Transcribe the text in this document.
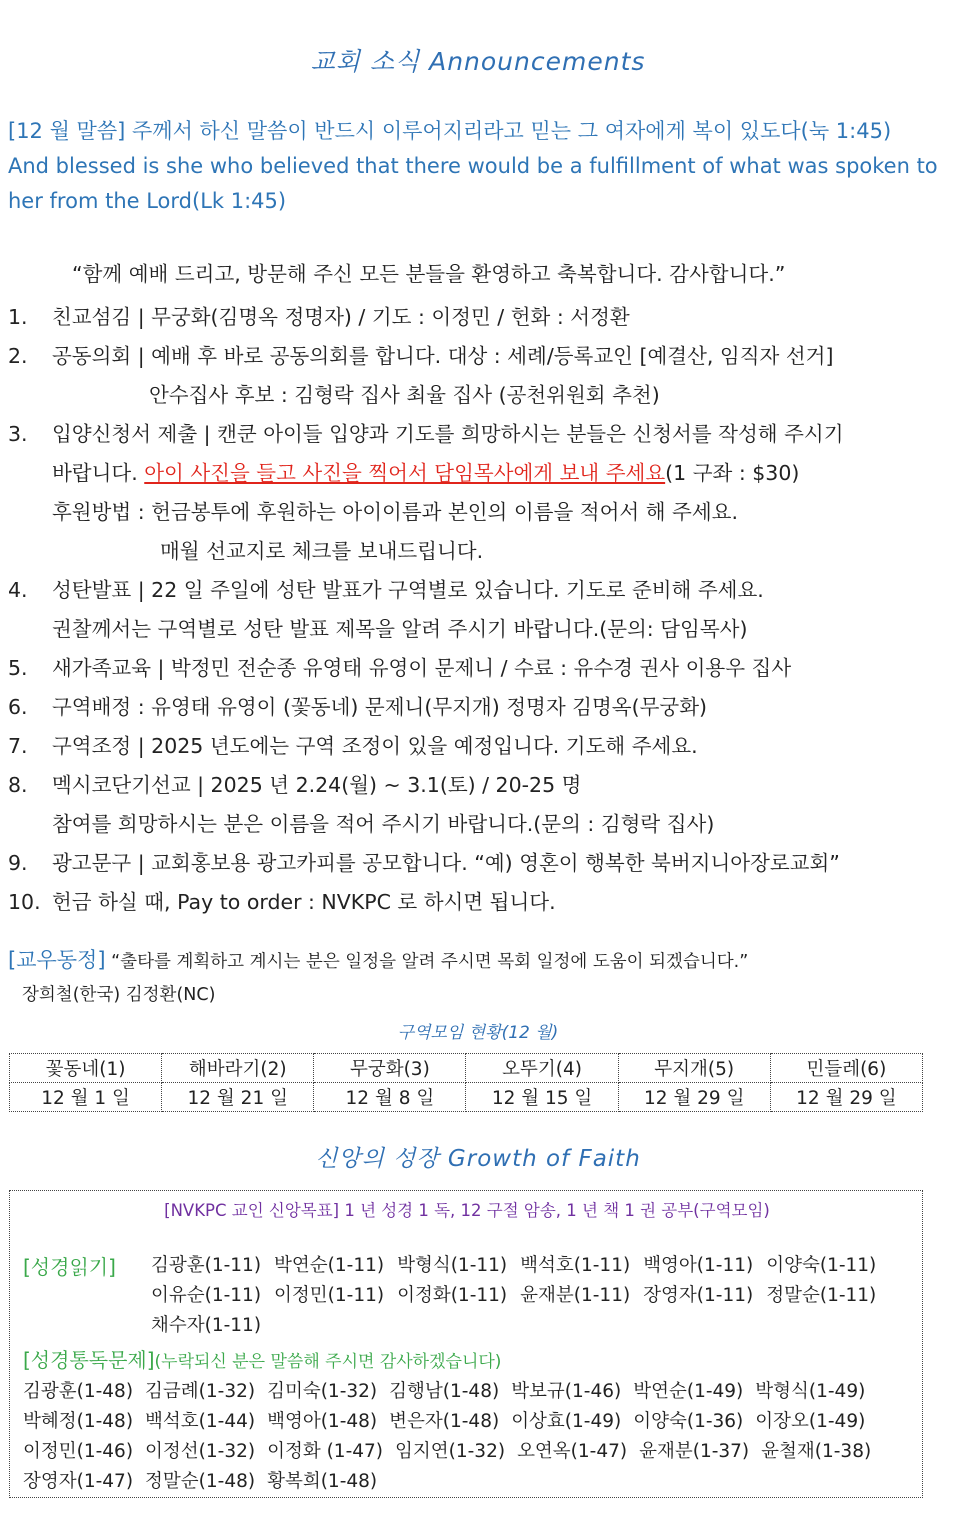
교회 소식 Announcements
[12 월 말씀] 주께서 하신 말씀이 반드시 이루어지리라고 믿는 그 여자에게 복이 있도다(눅 1:45)
And blessed is she who believed that there would be a fulfillment of what was spoken to her from the Lord(Lk 1:45)
“함께 예배 드리고, 방문해 주신 모든 분들을 환영하고 축복합니다. 감사합니다.”
1. 친교섬김 | 무궁화(김명옥 정명자) / 기도 : 이정민 / 헌화 : 서정환
2. 공동의회 | 예배 후 바로 공동의회를 합니다. 대상 : 세례/등록교인 [예결산, 임직자 선거]
안수집사 후보 : 김형락 집사 최율 집사 (공천위원회 추천)
3. 입양신청서 제출 | 캔쿤 아이들 입양과 기도를 희망하시는 분들은 신청서를 작성해 주시기
바랍니다. 아이 사진을 들고 사진을 찍어서 담임목사에게 보내 주세요(1 구좌 : $30)
후원방법 : 헌금봉투에 후원하는 아이이름과 본인의 이름을 적어서 해 주세요.
매월 선교지로 체크를 보내드립니다.
4. 성탄발표 | 22 일 주일에 성탄 발표가 구역별로 있습니다. 기도로 준비해 주세요.
권찰께서는 구역별로 성탄 발표 제목을 알려 주시기 바랍니다.(문의: 담임목사)
5. 새가족교육 | 박정민 전순종 유영태 유영이 문제니 / 수료 : 유수경 권사 이용우 집사
6. 구역배정 : 유영태 유영이 (꽃동네) 문제니(무지개) 정명자 김명옥(무궁화)
7. 구역조정 | 2025 년도에는 구역 조정이 있을 예정입니다. 기도해 주세요.
8. 멕시코단기선교 | 2025 년 2.24(월) ~ 3.1(토) / 20-25 명
참여를 희망하시는 분은 이름을 적어 주시기 바랍니다.(문의 : 김형락 집사)
9. 광고문구 | 교회홍보용 광고카피를 공모합니다. “예) 영혼이 행복한 북버지니아장로교회”
10. 헌금 하실 때, Pay to order : NVKPC 로 하시면 됩니다.
[교우동정] “출타를 계획하고 계시는 분은 일정을 알려 주시면 목회 일정에 도움이 되겠습니다.”
장희철(한국) 김정환(NC)
구역모임 현황(12 월)
꽃동네(1)	해바라기(2)	무궁화(3)	오뚜기(4)	무지개(5)	민들레(6)
12 월 1 일	12 월 21 일	12 월 8 일	12 월 15 일	12 월 29 일	12 월 29 일
신앙의 성장 Growth of Faith
[NVKPC 교인 신앙목표] 1 년 성경 1 독, 12 구절 암송, 1 년 책 1 권 공부(구역모임)
[성경읽기] 김광훈(1-11) 박연순(1-11) 박형식(1-11) 백석호(1-11) 백영아(1-11) 이양숙(1-11) 이유순(1-11) 이정민(1-11) 이정화(1-11) 윤재분(1-11) 장영자(1-11) 정말순(1-11) 채수자(1-11)
[성경통독문제](누락되신 분은 말씀해 주시면 감사하겠습니다)
김광훈(1-48) 김금례(1-32) 김미숙(1-32) 김행남(1-48) 박보규(1-46) 박연순(1-49) 박형식(1-49) 박혜정(1-48) 백석호(1-44) 백영아(1-48) 변은자(1-48) 이상효(1-49) 이양숙(1-36) 이장오(1-49) 이정민(1-46) 이정선(1-32) 이정화 (1-47) 임지연(1-32) 오연옥(1-47) 윤재분(1-37) 윤철재(1-38) 장영자(1-47) 정말순(1-48) 황복희(1-48)
